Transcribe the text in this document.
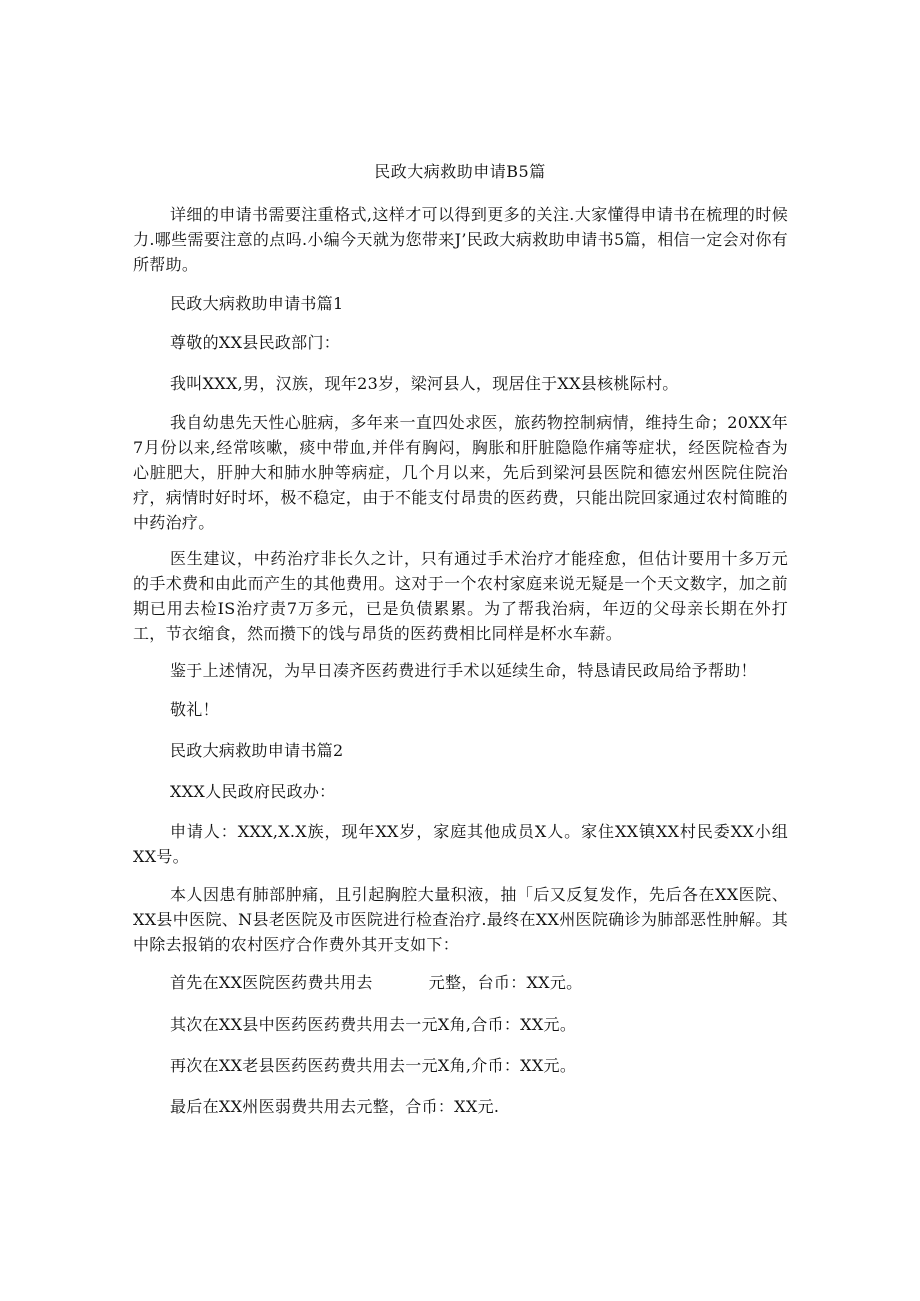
民政大病救助申请B5篇

详细的申请书需要注重格式,这样才可以得到更多的关注.大家懂得申请书在梳理的时候力.哪些需要注意的点吗.小编今天就为您带来J’民政大病救助申请书5篇，相信一定会对你有所帮助。

民政大病救助申请书篇1

尊敬的XX县民政部门：

我叫XXX,男，汉族，现年23岁，梁河县人，现居住于XX县核桃际村。

我自幼患先天性心脏病，多年来一直四处求医，旅药物控制病情，维持生命；20XX年7月份以来,经常咳嗽，痰中带血,并伴有胸闷，胸胀和肝脏隐隐作痛等症状，经医院检杳为心脏肥大，肝肿大和肺水肿等病症，几个月以来，先后到梁河县医院和德宏州医院住院治疗，病情时好时坏，极不稳定，由于不能支付昂贵的医药费，只能出院回家通过农村简睢的中药治疗。

医生建议，中药治疗非长久之计，只有通过手术治疗才能痊愈，但估计要用十多万元的手术费和由此而产生的其他费用。这对于一个农村家庭来说无疑是一个天文数字，加之前期已用去检IS治疗责7万多元，已是负债累累。为了帮我治病，年迈的父母亲长期在外打工，节衣缩食，然而攒下的饯与昂货的医药费相比同样是杯水车薪。

鉴于上述情况，为早日凑齐医药费进行手术以延续生命，特恳请民政局给予帮助！

敬礼！

民政大病救助申请书篇2

XXX人民政府民政办：

申请人：XXX,X.X族，现年XX岁，家庭其他成员X人。家住XX镇XX村民委XX小组XX号。

本人因患有肺部肿痛，且引起胸腔大量积液，抽「后又反复发作，先后各在XX医院、XX县中医院、N县老医院及市医院进行检查治疗.最终在XX州医院确诊为肺部恶性肿解。其中除去报销的农村医疗合作费外其开支如下：

首先在XX医院医药费共用去	元整，台币：XX元。

其次在XX县中医药医药费共用去一元X角,合币：XX元。

再次在XX老县医药医药费共用去一元X角,介币：XX元。

最后在XX州医弱费共用去元整，合币：XX元.
